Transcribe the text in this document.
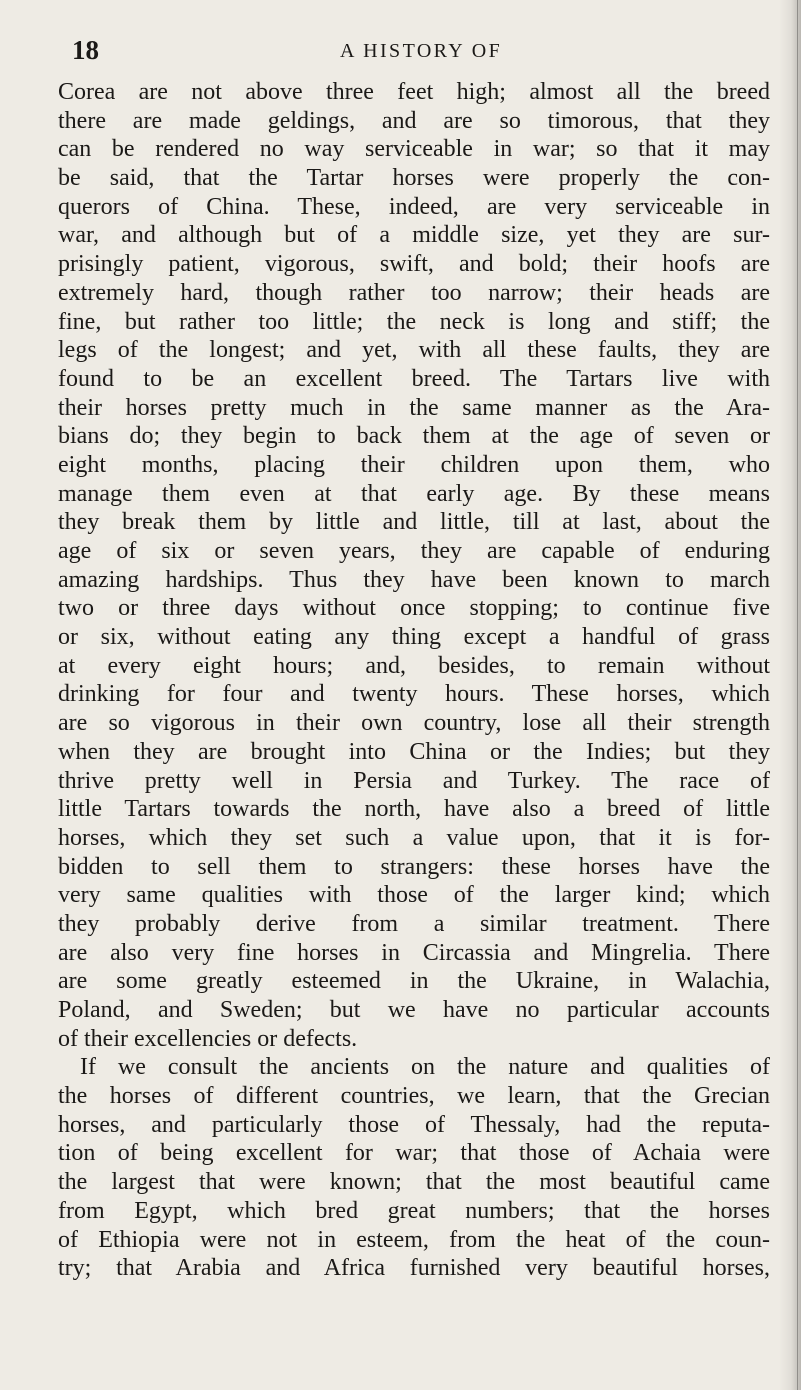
18	A HISTORY OF
Corea are not above three feet high; almost all the breed
there are made geldings, and are so timorous, that they
can be rendered no way serviceable in war; so that it may
be said, that the Tartar horses were properly the con-
querors of China. These, indeed, are very serviceable in
war, and although but of a middle size, yet they are sur-
prisingly patient, vigorous, swift, and bold; their hoofs are
extremely hard, though rather too narrow; their heads are
fine, but rather too little; the neck is long and stiff; the
legs of the longest; and yet, with all these faults, they are
found to be an excellent breed. The Tartars live with
their horses pretty much in the same manner as the Ara-
bians do; they begin to back them at the age of seven or
eight months, placing their children upon them, who
manage them even at that early age. By these means
they break them by little and little, till at last, about the
age of six or seven years, they are capable of enduring
amazing hardships. Thus they have been known to march
two or three days without once stopping; to continue five
or six, without eating any thing except a handful of grass
at every eight hours; and, besides, to remain without
drinking for four and twenty hours. These horses, which
are so vigorous in their own country, lose all their strength
when they are brought into China or the Indies; but they
thrive pretty well in Persia and Turkey. The race of
little Tartars towards the north, have also a breed of little
horses, which they set such a value upon, that it is for-
bidden to sell them to strangers: these horses have the
very same qualities with those of the larger kind; which
they probably derive from a similar treatment. There
are also very fine horses in Circassia and Mingrelia. There
are some greatly esteemed in the Ukraine, in Walachia,
Poland, and Sweden; but we have no particular accounts
of their excellencies or defects.
If we consult the ancients on the nature and qualities of
the horses of different countries, we learn, that the Grecian
horses, and particularly those of Thessaly, had the reputa-
tion of being excellent for war; that those of Achaia were
the largest that were known; that the most beautiful came
from Egypt, which bred great numbers; that the horses
of Ethiopia were not in esteem, from the heat of the coun-
try; that Arabia and Africa furnished very beautiful horses,
